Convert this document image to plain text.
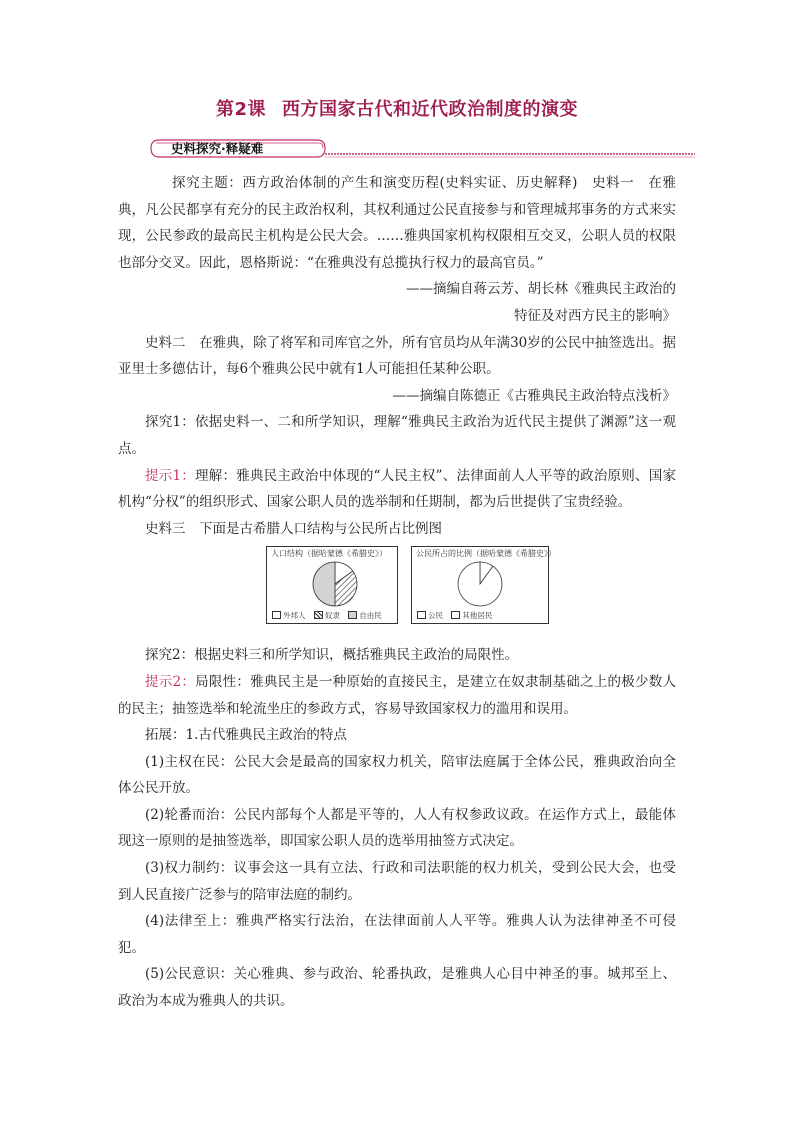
第2课 西方国家古代和近代政治制度的演变
史料探究·释疑难

探究主题：西方政治体制的产生和演变历程(史料实证、历史解释)　史料一　在雅典，凡公民都享有充分的民主政治权利，其权利通过公民直接参与和管理城邦事务的方式来实现，公民参政的最高民主机构是公民大会。……雅典国家机构权限相互交叉，公职人员的权限也部分交叉。因此，恩格斯说：“在雅典没有总揽执行权力的最高官员。”

——摘编自蒋云芳、胡长林《雅典民主政治的

特征及对西方民主的影响》

史料二　在雅典，除了将军和司库官之外，所有官员均从年满30岁的公民中抽签选出。据亚里士多德估计，每6个雅典公民中就有1人可能担任某种公职。

——摘编自陈德正《古雅典民主政治特点浅析》

探究1：依据史料一、二和所学知识，理解“雅典民主政治为近代民主提供了渊源”这一观点。

提示1：理解：雅典民主政治中体现的“人民主权”、法律面前人人平等的政治原则、国家机构“分权”的组织形式、国家公职人员的选举制和任期制，都为后世提供了宝贵经验。

史料三　下面是古希腊人口结构与公民所占比例图

人口结构（据哈蒙德《希腊史》）
外邦人	奴隶	自由民
公民所占的比例（据哈蒙德《希腊史》）
公民	其他居民

探究2：根据史料三和所学知识，概括雅典民主政治的局限性。

提示2：局限性：雅典民主是一种原始的直接民主，是建立在奴隶制基础之上的极少数人的民主；抽签选举和轮流坐庄的参政方式，容易导致国家权力的滥用和误用。

拓展：1.古代雅典民主政治的特点

(1)主权在民：公民大会是最高的国家权力机关，陪审法庭属于全体公民，雅典政治向全体公民开放。

(2)轮番而治：公民内部每个人都是平等的，人人有权参政议政。在运作方式上，最能体现这一原则的是抽签选举，即国家公职人员的选举用抽签方式决定。

(3)权力制约：议事会这一具有立法、行政和司法职能的权力机关，受到公民大会，也受到人民直接广泛参与的陪审法庭的制约。

(4)法律至上：雅典严格实行法治，在法律面前人人平等。雅典人认为法律神圣不可侵犯。

(5)公民意识：关心雅典、参与政治、轮番执政，是雅典人心目中神圣的事。城邦至上、政治为本成为雅典人的共识。
